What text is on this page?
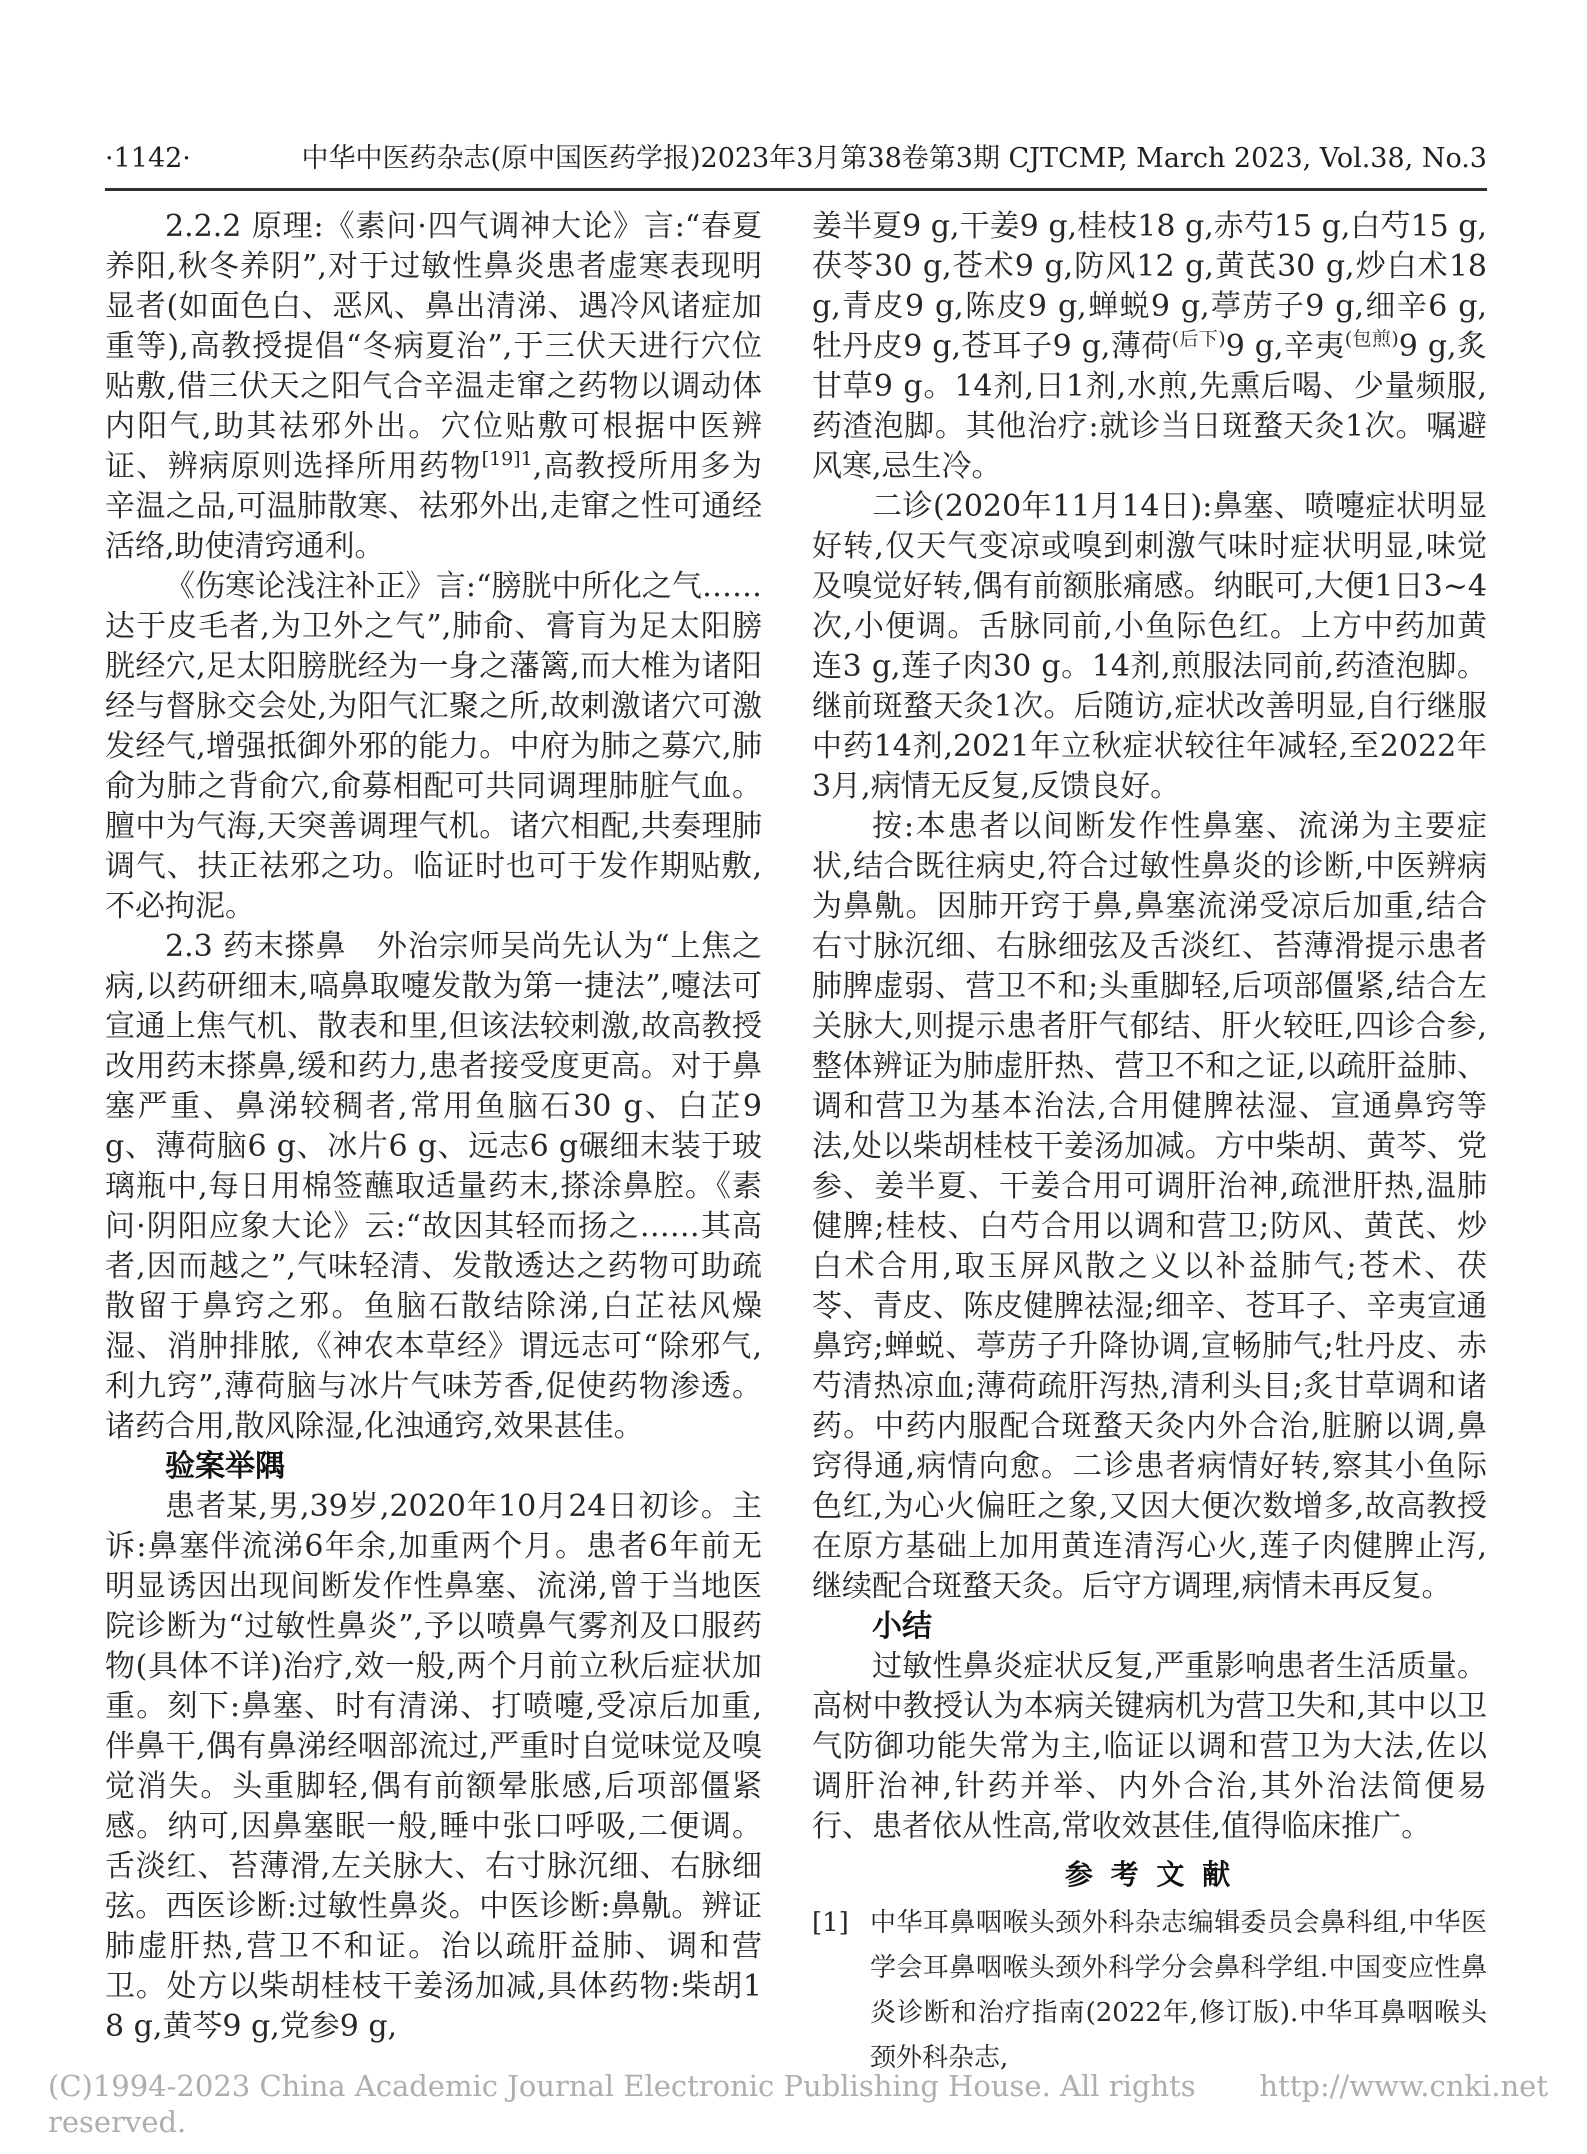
·1142·	中华中医药杂志(原中国医药学报)2023年3月第38卷第3期 CJTCMP, March 2023, Vol.38, No.3

2.2.2 原理:《素问·四气调神大论》言:“春夏养阳,秋冬养阴”,对于过敏性鼻炎患者虚寒表现明显者(如面色白、恶风、鼻出清涕、遇冷风诸症加重等),高教授提倡“冬病夏治”,于三伏天进行穴位贴敷,借三伏天之阳气合辛温走窜之药物以调动体内阳气,助其祛邪外出。穴位贴敷可根据中医辨证、辨病原则选择所用药物$^{[19]1}$,高教授所用多为辛温之品,可温肺散寒、祛邪外出,走窜之性可通经活络,助使清窍通利。

《伤寒论浅注补正》言:“膀胱中所化之气……达于皮毛者,为卫外之气”,肺俞、膏肓为足太阳膀胱经穴,足太阳膀胱经为一身之藩篱,而大椎为诸阳经与督脉交会处,为阳气汇聚之所,故刺激诸穴可激发经气,增强抵御外邪的能力。中府为肺之募穴,肺俞为肺之背俞穴,俞募相配可共同调理肺脏气血。膻中为气海,天突善调理气机。诸穴相配,共奏理肺调气、扶正祛邪之功。临证时也可于发作期贴敷,不必拘泥。

2.3 药末搽鼻　外治宗师吴尚先认为“上焦之病,以药研细末,嗃鼻取嚏发散为第一捷法”,嚏法可宣通上焦气机、散表和里,但该法较刺激,故高教授改用药末搽鼻,缓和药力,患者接受度更高。对于鼻塞严重、鼻涕较稠者,常用鱼脑石30 g、白芷9 g、薄荷脑6 g、冰片6 g、远志6 g碾细末装于玻璃瓶中,每日用棉签蘸取适量药末,搽涂鼻腔。《素问·阴阳应象大论》云:“故因其轻而扬之……其高者,因而越之”,气味轻清、发散透达之药物可助疏散留于鼻窍之邪。鱼脑石散结除涕,白芷祛风燥湿、消肿排脓,《神农本草经》谓远志可“除邪气,利九窍”,薄荷脑与冰片气味芳香,促使药物渗透。诸药合用,散风除湿,化浊通窍,效果甚佳。

验案举隅

患者某,男,39岁,2020年10月24日初诊。主诉:鼻塞伴流涕6年余,加重两个月。患者6年前无明显诱因出现间断发作性鼻塞、流涕,曾于当地医院诊断为“过敏性鼻炎”,予以喷鼻气雾剂及口服药物(具体不详)治疗,效一般,两个月前立秋后症状加重。刻下:鼻塞、时有清涕、打喷嚏,受凉后加重,伴鼻干,偶有鼻涕经咽部流过,严重时自觉味觉及嗅觉消失。头重脚轻,偶有前额晕胀感,后项部僵紧感。纳可,因鼻塞眠一般,睡中张口呼吸,二便调。舌淡红、苔薄滑,左关脉大、右寸脉沉细、右脉细弦。西医诊断:过敏性鼻炎。中医诊断:鼻鼽。辨证肺虚肝热,营卫不和证。治以疏肝益肺、调和营卫。处方以柴胡桂枝干姜汤加减,具体药物:柴胡18 g,黄芩9 g,党参9 g,

姜半夏9 g,干姜9 g,桂枝18 g,赤芍15 g,白芍15 g,茯苓30 g,苍术9 g,防风12 g,黄芪30 g,炒白术18 g,青皮9 g,陈皮9 g,蝉蜕9 g,葶苈子9 g,细辛6 g,牡丹皮9 g,苍耳子9 g,薄荷$^{(后下)}$9 g,辛夷$^{(包煎)}$9 g,炙甘草9 g。14剂,日1剂,水煎,先熏后喝、少量频服,药渣泡脚。其他治疗:就诊当日斑蝥天灸1次。嘱避风寒,忌生冷。

二诊(2020年11月14日):鼻塞、喷嚏症状明显好转,仅天气变凉或嗅到刺激气味时症状明显,味觉及嗅觉好转,偶有前额胀痛感。纳眠可,大便1日3~4次,小便调。舌脉同前,小鱼际色红。上方中药加黄连3 g,莲子肉30 g。14剂,煎服法同前,药渣泡脚。继前斑蝥天灸1次。后随访,症状改善明显,自行继服中药14剂,2021年立秋症状较往年减轻,至2022年3月,病情无反复,反馈良好。

按:本患者以间断发作性鼻塞、流涕为主要症状,结合既往病史,符合过敏性鼻炎的诊断,中医辨病为鼻鼽。因肺开窍于鼻,鼻塞流涕受凉后加重,结合右寸脉沉细、右脉细弦及舌淡红、苔薄滑提示患者肺脾虚弱、营卫不和;头重脚轻,后项部僵紧,结合左关脉大,则提示患者肝气郁结、肝火较旺,四诊合参,整体辨证为肺虚肝热、营卫不和之证,以疏肝益肺、调和营卫为基本治法,合用健脾祛湿、宣通鼻窍等法,处以柴胡桂枝干姜汤加减。方中柴胡、黄芩、党参、姜半夏、干姜合用可调肝治神,疏泄肝热,温肺健脾;桂枝、白芍合用以调和营卫;防风、黄芪、炒白术合用,取玉屏风散之义以补益肺气;苍术、茯苓、青皮、陈皮健脾祛湿;细辛、苍耳子、辛夷宣通鼻窍;蝉蜕、葶苈子升降协调,宣畅肺气;牡丹皮、赤芍清热凉血;薄荷疏肝泻热,清利头目;炙甘草调和诸药。中药内服配合斑蝥天灸内外合治,脏腑以调,鼻窍得通,病情向愈。二诊患者病情好转,察其小鱼际色红,为心火偏旺之象,又因大便次数增多,故高教授在原方基础上加用黄连清泻心火,莲子肉健脾止泻,继续配合斑蝥天灸。后守方调理,病情未再反复。

小结

过敏性鼻炎症状反复,严重影响患者生活质量。高树中教授认为本病关键病机为营卫失和,其中以卫气防御功能失常为主,临证以调和营卫为大法,佐以调肝治神,针药并举、内外合治,其外治法简便易行、患者依从性高,常收效甚佳,值得临床推广。

参 考 文 献
[1] 中华耳鼻咽喉头颈外科杂志编辑委员会鼻科组,中华医学会耳鼻咽喉头颈外科学分会鼻科学组.中国变应性鼻炎诊断和治疗指南(2022年,修订版).中华耳鼻咽喉头颈外科杂志,
(C)1994-2023 China Academic Journal Electronic Publishing House. All rights reserved.
http://www.cnki.net
